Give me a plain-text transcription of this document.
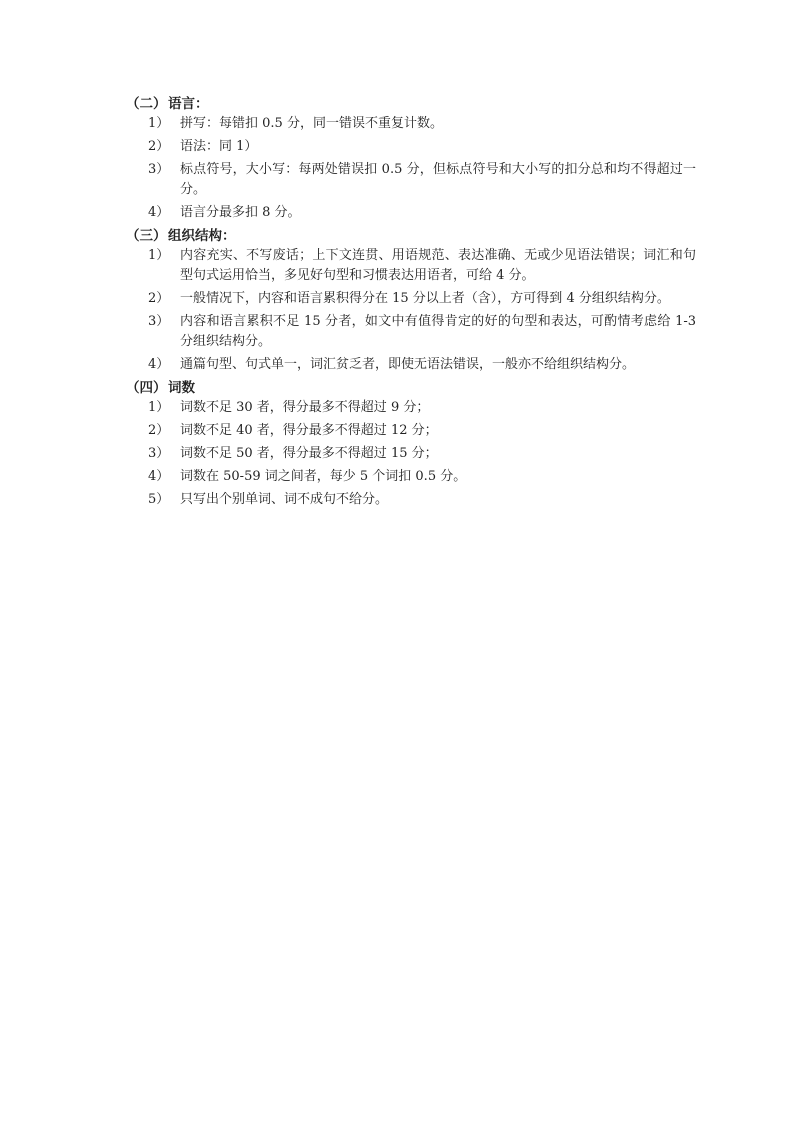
（二） 语言：
1） 拼写：每错扣 0.5 分，同一错误不重复计数。
2） 语法：同 1）
3） 标点符号，大小写：每两处错误扣 0.5 分，但标点符号和大小写的扣分总和均不得超过一分。
4） 语言分最多扣 8 分。
（三） 组织结构：
1） 内容充实、不写废话；上下文连贯、用语规范、表达准确、无或少见语法错误；词汇和句型句式运用恰当，多见好句型和习惯表达用语者，可给 4 分。
2） 一般情况下，内容和语言累积得分在 15 分以上者（含），方可得到 4 分组织结构分。
3） 内容和语言累积不足 15 分者，如文中有值得肯定的好的句型和表达，可酌情考虑给 1-3 分组织结构分。
4） 通篇句型、句式单一，词汇贫乏者，即使无语法错误，一般亦不给组织结构分。
（四） 词数
1） 词数不足 30 者，得分最多不得超过 9 分；
2） 词数不足 40 者，得分最多不得超过 12 分；
3） 词数不足 50 者，得分最多不得超过 15 分；
4） 词数在 50-59 词之间者，每少 5 个词扣 0.5 分。
5） 只写出个别单词、词不成句不给分。
